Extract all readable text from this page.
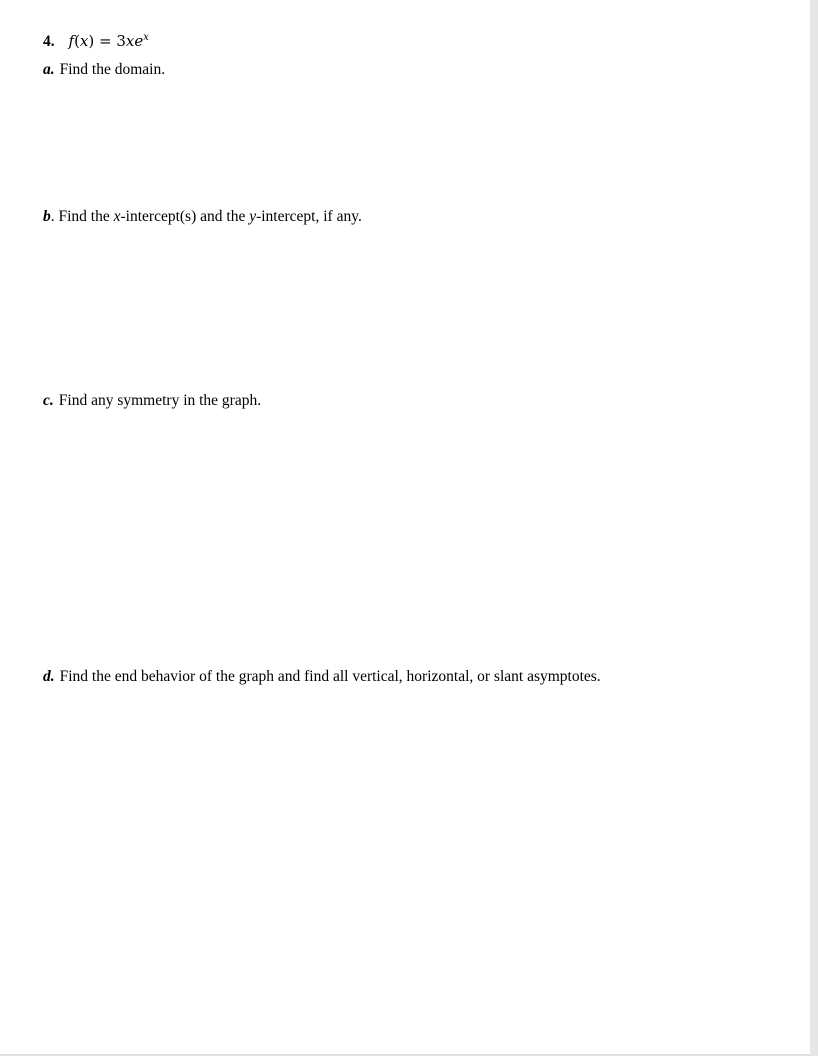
4. $f(x) = 3xe^x$
a. Find the domain.
b. Find the x-intercept(s) and the y-intercept, if any.
c. Find any symmetry in the graph.
d. Find the end behavior of the graph and find all vertical, horizontal, or slant asymptotes.
